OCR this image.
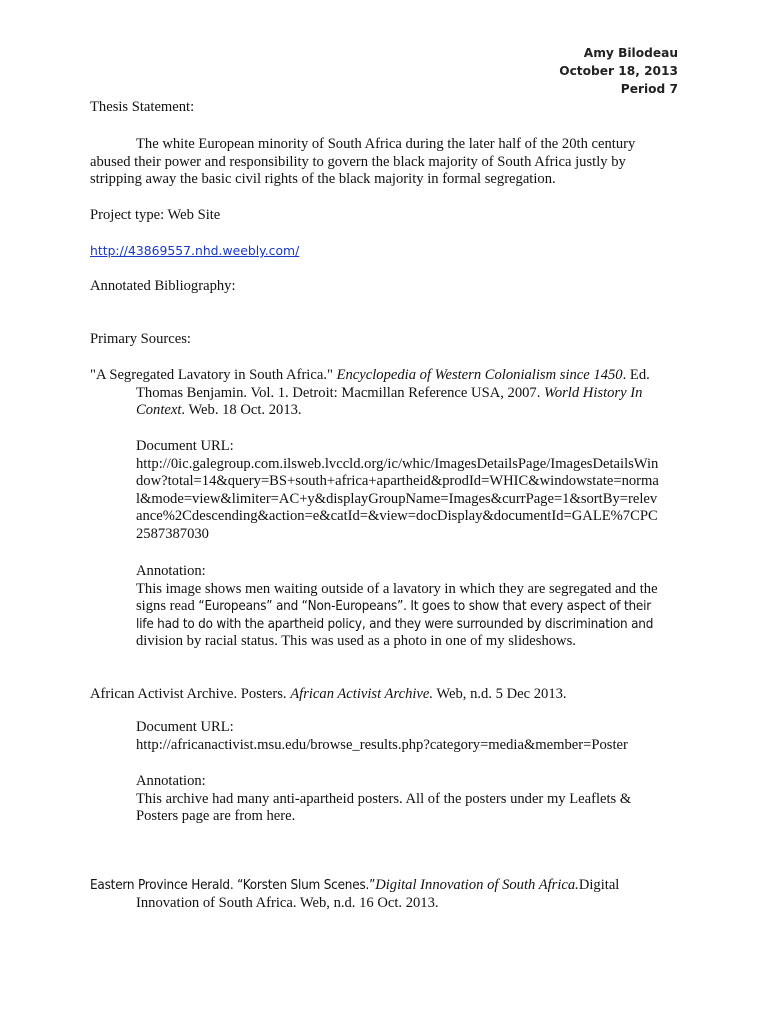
Amy Bilodeau
October 18, 2013
Period 7
Thesis Statement:
The white European minority of South Africa during the later half of the 20th century
abused their power and responsibility to govern the black majority of South Africa justly by
stripping away the basic civil rights of the black majority in formal segregation.
Project type: Web Site
http://43869557.nhd.weebly.com/
Annotated Bibliography:
Primary Sources:
"A Segregated Lavatory in South Africa." Encyclopedia of Western Colonialism since 1450. Ed.
Thomas Benjamin. Vol. 1. Detroit: Macmillan Reference USA, 2007. World History In
Context. Web. 18 Oct. 2013.
Document URL:
http://0ic.galegroup.com.ilsweb.lvccld.org/ic/whic/ImagesDetailsPage/ImagesDetailsWin
dow?total=14&query=BS+south+africa+apartheid&prodId=WHIC&windowstate=norma
l&mode=view&limiter=AC+y&displayGroupName=Images&currPage=1&sortBy=relev
ance%2Cdescending&action=e&catId=&view=docDisplay&documentId=GALE%7CPC
2587387030
Annotation:
This image shows men waiting outside of a lavatory in which they are segregated and the
signs read “Europeans” and “Non-Europeans”. It goes to show that every aspect of their
life had to do with the apartheid policy, and they were surrounded by discrimination and
division by racial status. This was used as a photo in one of my slideshows.
African Activist Archive. Posters. African Activist Archive. Web, n.d. 5 Dec 2013.
Document URL:
http://africanactivist.msu.edu/browse_results.php?category=media&member=Poster
Annotation:
This archive had many anti-apartheid posters. All of the posters under my Leaflets &
Posters page are from here.
Eastern Province Herald. “Korsten Slum Scenes.”Digital Innovation of South Africa.Digital
Innovation of South Africa. Web, n.d. 16 Oct. 2013.
